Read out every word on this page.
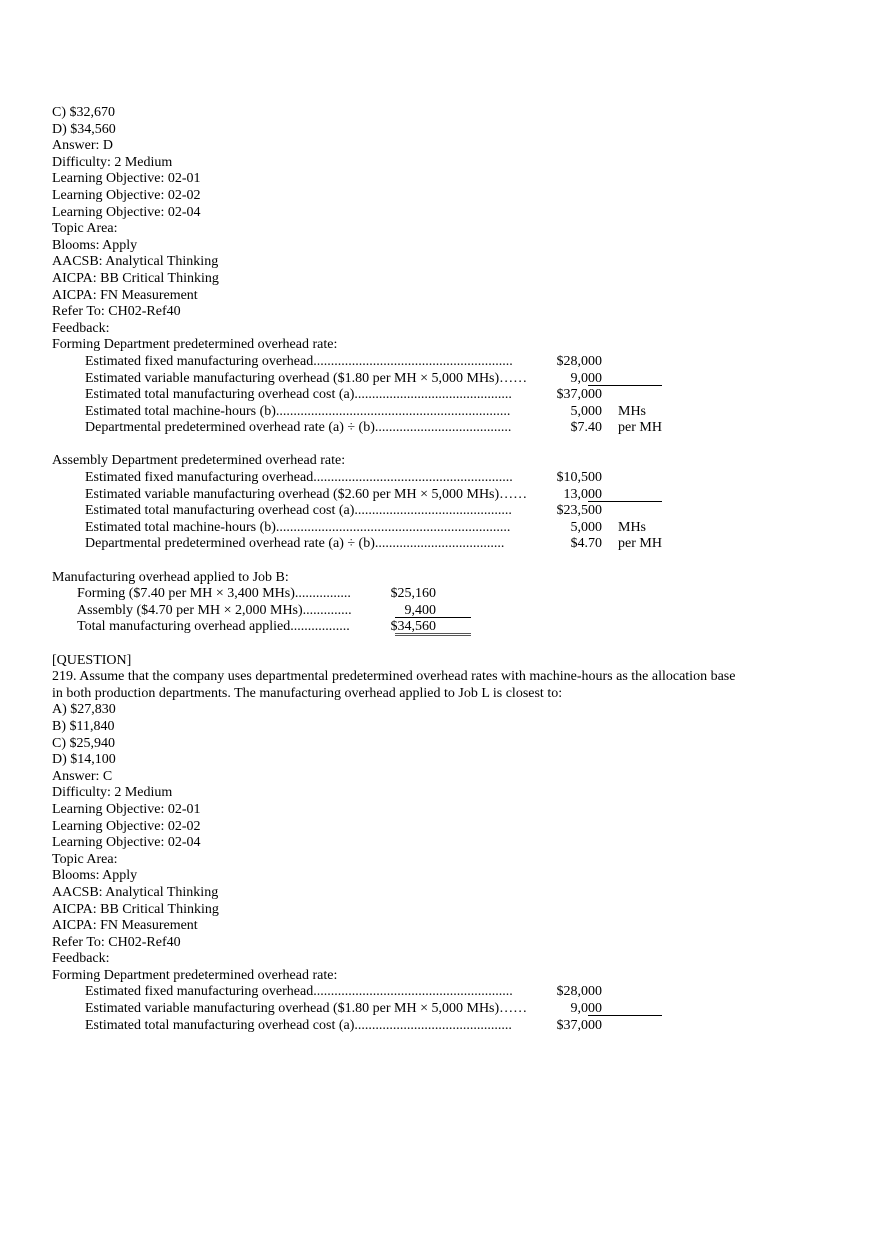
C) $32,670
D) $34,560
Answer: D
Difficulty: 2 Medium
Learning Objective: 02-01
Learning Objective: 02-02
Learning Objective: 02-04
Topic Area:
Blooms: Apply
AACSB: Analytical Thinking
AICPA: BB Critical Thinking
AICPA: FN Measurement
Refer To: CH02-Ref40
Feedback:
Forming Department predetermined overhead rate:
Estimated fixed manufacturing overhead.........................................................	$28,000
Estimated variable manufacturing overhead ($1.80 per MH × 5,000 MHs)……	9,000
Estimated total manufacturing overhead cost (a).............................................	$37,000
Estimated total machine-hours (b)...................................................................	5,000 MHs
Departmental predetermined overhead rate (a) ÷ (b).......................................	$7.40 per MH
Assembly Department predetermined overhead rate:
Estimated fixed manufacturing overhead.........................................................	$10,500
Estimated variable manufacturing overhead ($2.60 per MH × 5,000 MHs)……	13,000
Estimated total manufacturing overhead cost (a).............................................	$23,500
Estimated total machine-hours (b)...................................................................	5,000 MHs
Departmental predetermined overhead rate (a) ÷ (b).....................................	$4.70 per MH
Manufacturing overhead applied to Job B:
Forming ($7.40 per MH × 3,400 MHs)................	$25,160
Assembly ($4.70 per MH × 2,000 MHs)..............	9,400
Total manufacturing overhead applied.................	$34,560
[QUESTION]
219. Assume that the company uses departmental predetermined overhead rates with machine-hours as the allocation base in both production departments. The manufacturing overhead applied to Job L is closest to:
A) $27,830
B) $11,840
C) $25,940
D) $14,100
Answer: C
Difficulty: 2 Medium
Learning Objective: 02-01
Learning Objective: 02-02
Learning Objective: 02-04
Topic Area:
Blooms: Apply
AACSB: Analytical Thinking
AICPA: BB Critical Thinking
AICPA: FN Measurement
Refer To: CH02-Ref40
Feedback:
Forming Department predetermined overhead rate:
Estimated fixed manufacturing overhead.........................................................	$28,000
Estimated variable manufacturing overhead ($1.80 per MH × 5,000 MHs)……	9,000
Estimated total manufacturing overhead cost (a).............................................	$37,000
